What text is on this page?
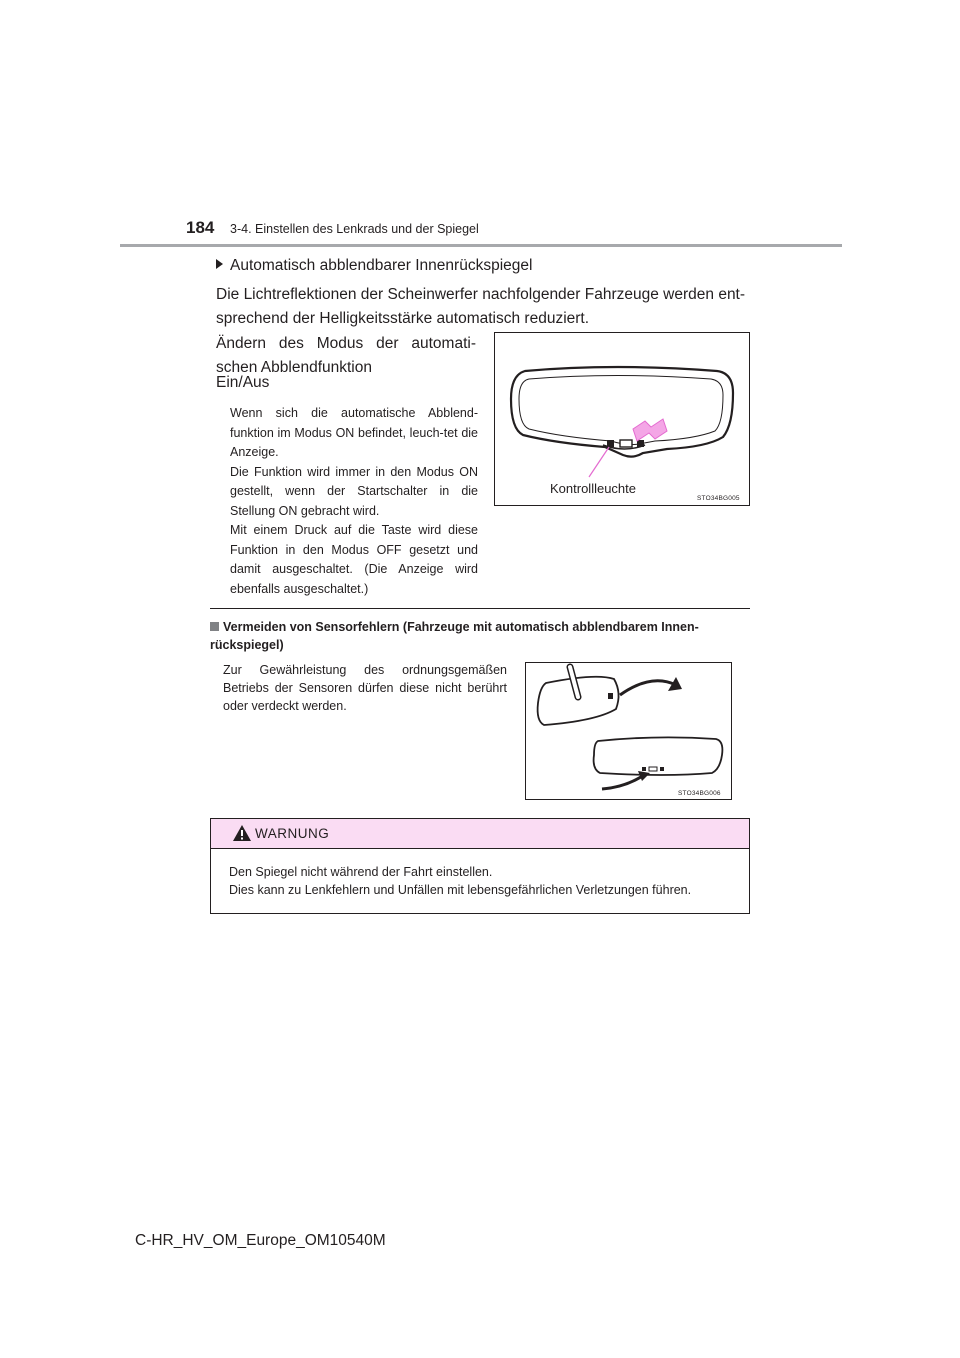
184 3-4. Einstellen des Lenkrads und der Spiegel
Automatisch abblendbarer Innenrückspiegel
Die Lichtreflektionen der Scheinwerfer nachfolgender Fahrzeuge werden ent-
sprechend der Helligkeitsstärke automatisch reduziert.
Ändern des Modus der automati-
schen Abblendfunktion
Ein/Aus

Wenn sich die automatische Abblend-funktion im Modus ON befindet, leuch-tet die Anzeige.

Die Funktion wird immer in den Modus ON gestellt, wenn der Startschalter in die Stellung ON gebracht wird.

Mit einem Druck auf die Taste wird diese Funktion in den Modus OFF gesetzt und damit ausgeschaltet. (Die Anzeige wird ebenfalls ausgeschaltet.)

Kontrollleuchte
STO34BG005
Vermeiden von Sensorfehlern (Fahrzeuge mit automatisch abblendbarem Innen-rückspiegel)
Zur Gewährleistung des ordnungsgemäßen Betriebs der Sensoren dürfen diese nicht berührt oder verdeckt werden.
STO34BG006
WARNUNG
Den Spiegel nicht während der Fahrt einstellen.
Dies kann zu Lenkfehlern und Unfällen mit lebensgefährlichen Verletzungen führen.
C-HR_HV_OM_Europe_OM10540M
